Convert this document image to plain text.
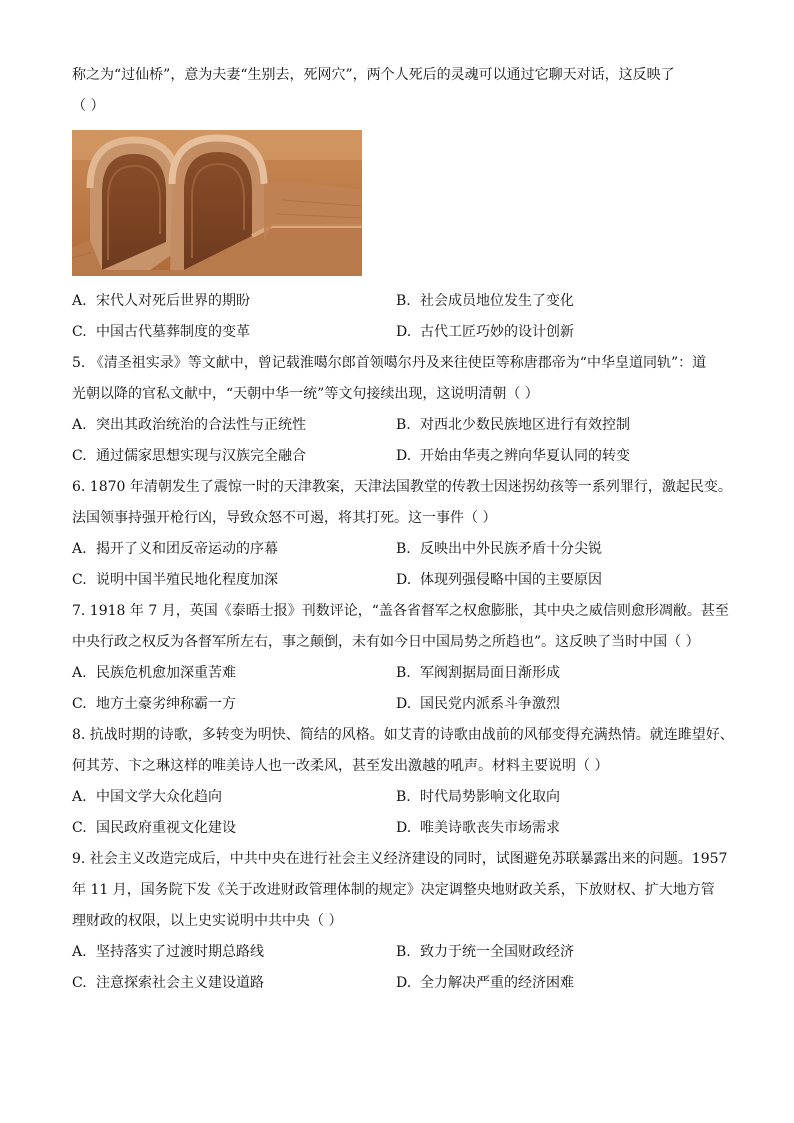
称之为“过仙桥”，意为夫妻“生别去，死网穴”，两个人死后的灵魂可以通过它聊天对话，这反映了

（ ）

A. 宋代人对死后世界的期盼	B. 社会成员地位发生了变化
C. 中国古代墓葬制度的变革	D. 古代工匠巧妙的设计创新

5. 《清圣祖实录》等文献中，曾记载淮噶尔郎首领噶尔丹及来往使臣等称唐郡帝为“中华皇道同轨”：道

光朝以降的官私文献中，“天朝中华一统”等文句接续出现，这说明清朝（ ）

A. 突出其政治统治的合法性与正统性	B. 对西北少数民族地区进行有效控制
C. 通过儒家思想实现与汉族完全融合	D. 开始由华夷之辨向华夏认同的转变

6. 1870 年清朝发生了震惊一时的天津教案，天津法国教堂的传教士因迷拐幼孩等一系列罪行，激起民变。

法国领事持强开枪行凶，导致众怒不可遏，将其打死。这一事件（ ）

A. 揭开了义和团反帝运动的序幕	B. 反映出中外民族矛盾十分尖锐
C. 说明中国半殖民地化程度加深	D. 体现列强侵略中国的主要原因

7. 1918 年 7 月，英国《泰晤士报》刊数评论，“盖各省督军之权愈膨胀，其中央之威信则愈形凋敝。甚至

中央行政之权反为各督军所左右，事之颠倒，未有如今日中国局势之所趋也”。这反映了当时中国（ ）

A. 民族危机愈加深重苦难	B. 军阀割据局面日渐形成
C. 地方土豪劣绅称霸一方	D. 国民党内派系斗争激烈

8. 抗战时期的诗歌，多转变为明快、简结的风格。如艾青的诗歌由战前的风郁变得充满热情。就连雎望好、

何其芳、卞之琳这样的唯美诗人也一改柔风，甚至发出激越的吼声。材料主要说明（ ）

A. 中国文学大众化趋向	B. 时代局势影响文化取向
C. 国民政府重视文化建设	D. 唯美诗歌丧失市场需求

9. 社会主义改造完成后，中共中央在进行社会主义经济建设的同时，试图避免苏联暴露出来的问题。1957

年 11 月，国务院下发《关于改进财政管理体制的规定》决定调整央地财政关系，下放财权、扩大地方管

理财政的权限，以上史实说明中共中央（ ）

A. 坚持落实了过渡时期总路线	B. 致力于统一全国财政经济
C. 注意探索社会主义建设道路	D. 全力解决严重的经济困难
